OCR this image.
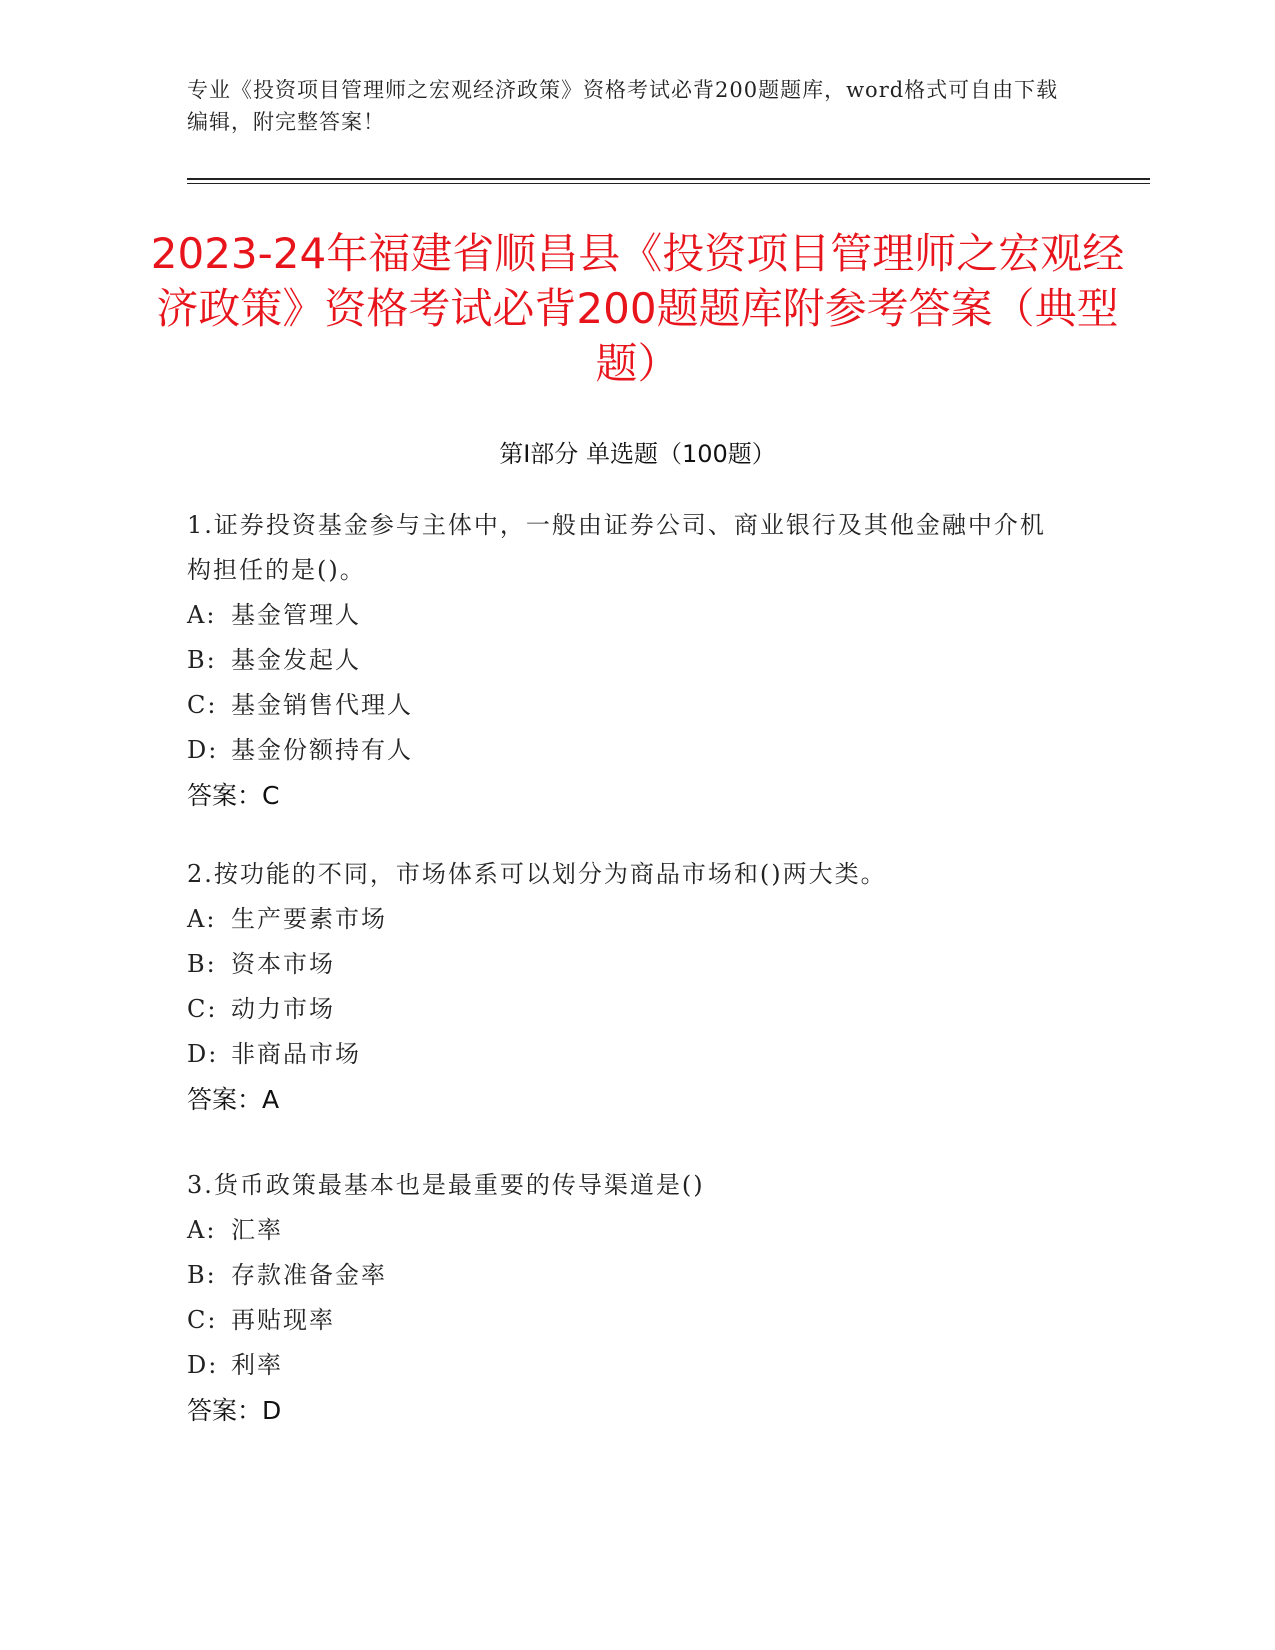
专业《投资项目管理师之宏观经济政策》资格考试必背200题题库，word格式可自由下载编辑，附完整答案！
2023-24年福建省顺昌县《投资项目管理师之宏观经济政策》资格考试必背200题题库附参考答案（典型题）
第I部分 单选题（100题）
1.证券投资基金参与主体中，一般由证券公司、商业银行及其他金融中介机构担任的是()。
A: 基金管理人
B: 基金发起人
C: 基金销售代理人
D: 基金份额持有人
答案：C
2.按功能的不同，市场体系可以划分为商品市场和()两大类。
A: 生产要素市场
B: 资本市场
C: 动力市场
D: 非商品市场
答案：A
3.货币政策最基本也是最重要的传导渠道是()
A: 汇率
B: 存款准备金率
C: 再贴现率
D: 利率
答案：D
